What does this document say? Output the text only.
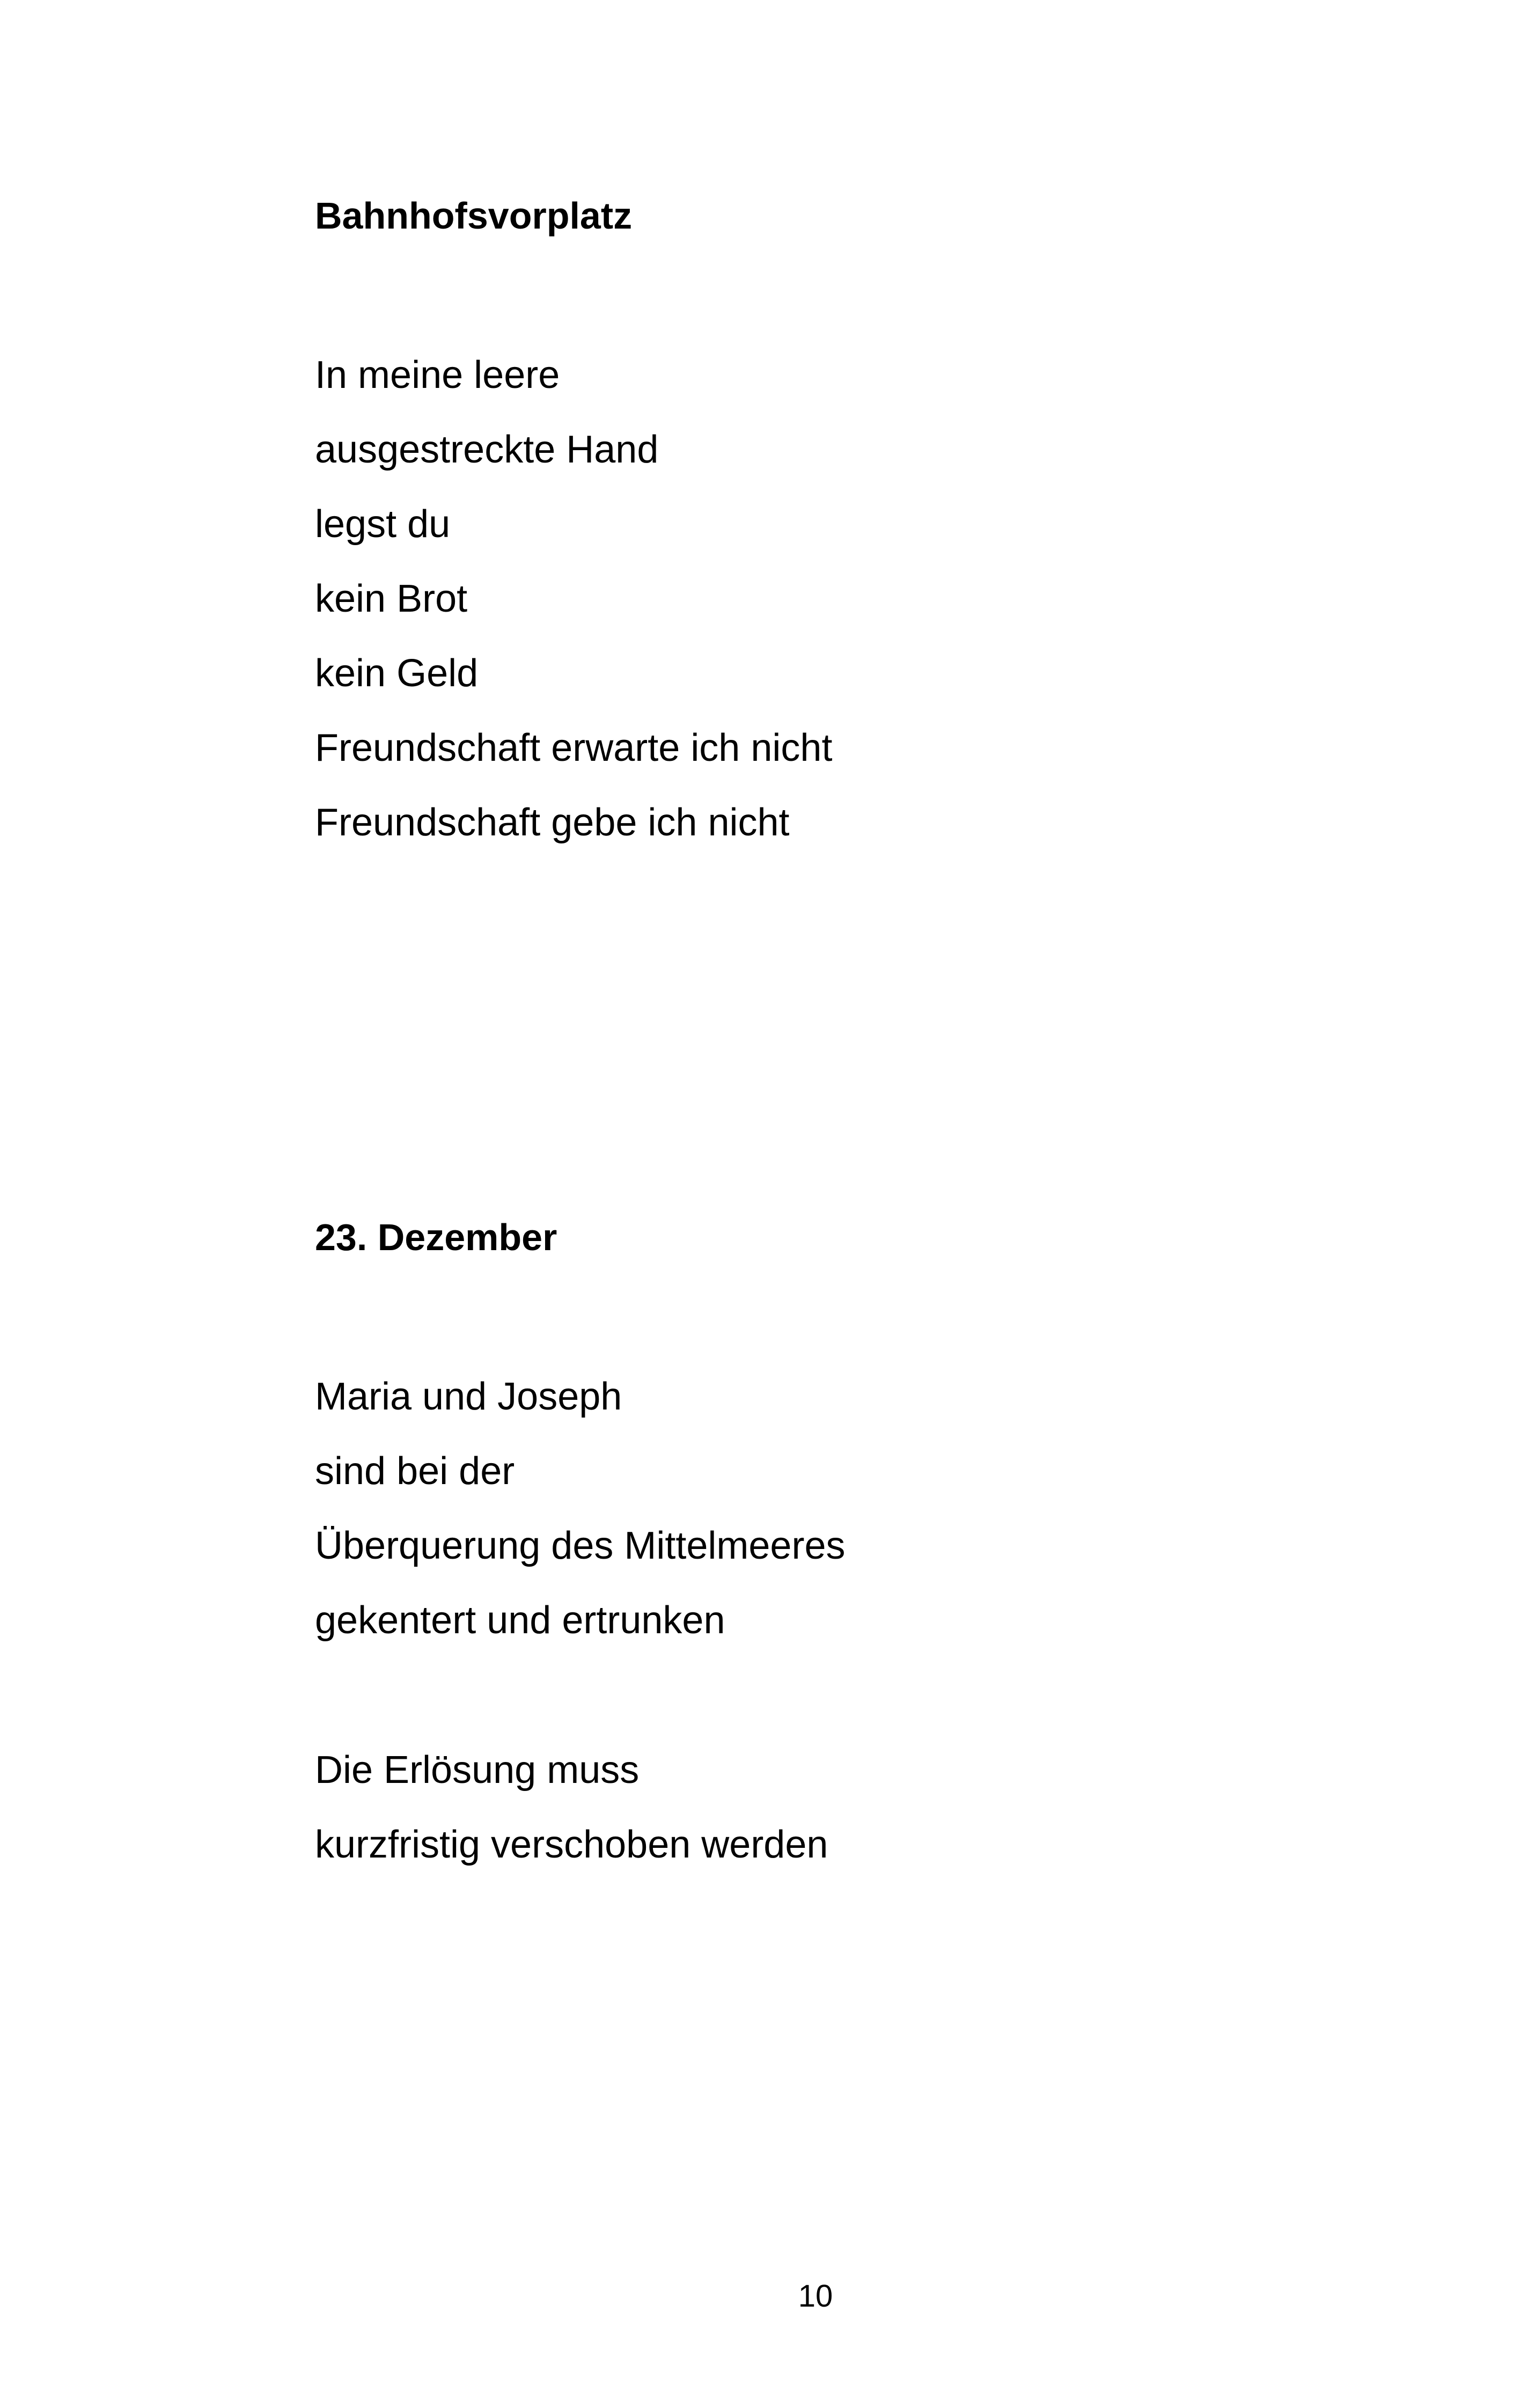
Bahnhofsvorplatz
In meine leere
ausgestreckte Hand
legst du
kein Brot
kein Geld
Freundschaft erwarte ich nicht
Freundschaft gebe ich nicht
23. Dezember
Maria und Joseph
sind bei der
Überquerung des Mittelmeeres
gekentert und ertrunken
Die Erlösung muss
kurzfristig verschoben werden
10
